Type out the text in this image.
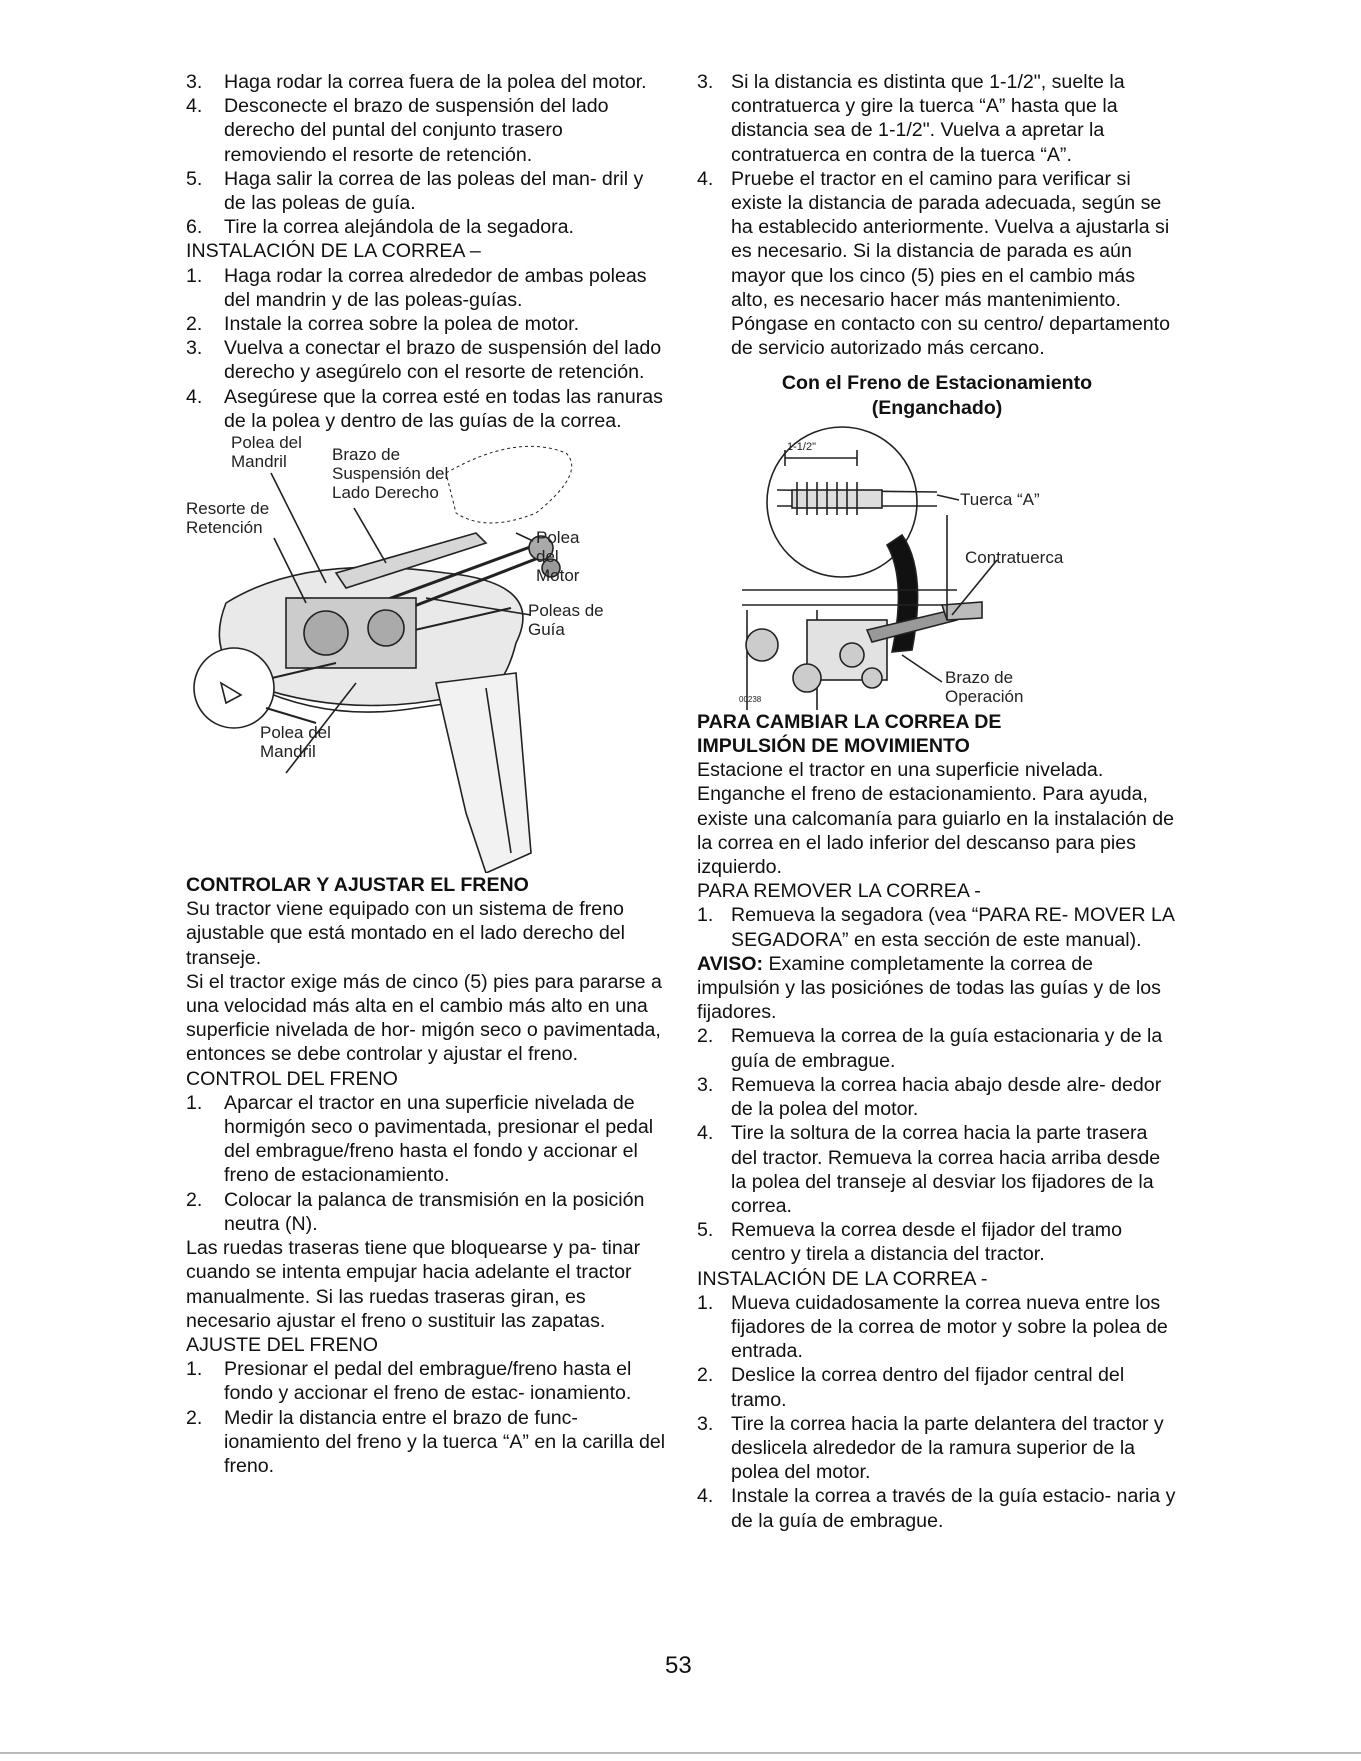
3. Haga rodar la correa fuera de la polea del motor.
4. Desconecte el brazo de suspensión del lado derecho del puntal del conjunto trasero removiendo el resorte de retención.
5. Haga salir la correa de las poleas del man- dril y de las poleas de guía.
6. Tire la correa alejándola de la segadora.

INSTALACIÓN DE LA CORREA –

1. Haga rodar la correa alrededor de ambas poleas del mandrin y de las poleas-guías.
2. Instale la correa sobre la polea de motor.
3. Vuelva a conectar el brazo de suspensión del lado derecho y asegúrelo con el resorte de retención.
4. Asegúrese que la correa esté en todas las ranuras de la polea y dentro de las guías de la correa.
Polea del
Mandril	Brazo de
Suspensión del
Lado Derecho
Resorte de
Retención
Polea
del
Motor
Poleas de
Guía
Polea del
Mandril

CONTROLAR Y AJUSTAR EL FRENO

Su tractor viene equipado con un sistema de freno ajustable que está montado en el lado derecho del transeje.

Si el tractor exige más de cinco (5) pies para pararse a una velocidad más alta en el cambio más alto en una superficie nivelada de hor- migón seco o pavimentada, entonces se debe controlar y ajustar el freno.

CONTROL DEL FRENO

1. Aparcar el tractor en una superficie nivelada de hormigón seco o pavimentada, presionar el pedal del embrague/freno hasta el fondo y accionar el freno de estacionamiento.
2. Colocar la palanca de transmisión en la posición neutra (N).

Las ruedas traseras tiene que bloquearse y pa- tinar cuando se intenta empujar hacia adelante el tractor manualmente. Si las ruedas traseras giran, es necesario ajustar el freno o sustituir las zapatas.

AJUSTE DEL FRENO

1. Presionar el pedal del embrague/freno hasta el fondo y accionar el freno de estac- ionamiento.
2. Medir la distancia entre el brazo de func- ionamiento del freno y la tuerca “A” en la carilla del freno.
3. Si la distancia es distinta que 1-1/2", suelte la contratuerca y gire la tuerca “A” hasta que la distancia sea de 1-1/2". Vuelva a apretar la contratuerca en contra de la tuerca “A”.
4. Pruebe el tractor en el camino para verificar si existe la distancia de parada adecuada, según se ha establecido anteriormente. Vuelva a ajustarla si es necesario. Si la distancia de parada es aún mayor que los cinco (5) pies en el cambio más alto, es necesario hacer más mantenimiento. Póngase en contacto con su centro/ departamento de servicio autorizado más cercano.

Con el Freno de Estacionamiento

(Enganchado)

1-1/2"
Tuerca “A”
Contratuerca
Brazo de
Operación
00238

PARA CAMBIAR LA CORREA DE

IMPULSIÓN DE MOVIMIENTO

Estacione el tractor en una superficie nivelada. Enganche el freno de estacionamiento. Para ayuda, existe una calcomanía para guiarlo en la instalación de la correa en el lado inferior del descanso para pies izquierdo.

PARA REMOVER LA CORREA -

1. Remueva la segadora (vea “PARA RE- MOVER LA SEGADORA” en esta sección de este manual).

AVISO: Examine completamente la correa de impulsión y las posiciónes de todas las guías y de los fijadores.

2. Remueva la correa de la guía estacionaria y de la guía de embrague.
3. Remueva la correa hacia abajo desde alre- dedor de la polea del motor.
4. Tire la soltura de la correa hacia la parte trasera del tractor. Remueva la correa hacia arriba desde la polea del transeje al desviar los fijadores de la correa.
5. Remueva la correa desde el fijador del tramo centro y tirela a distancia del tractor.

INSTALACIÓN DE LA CORREA -

1. Mueva cuidadosamente la correa nueva entre los fijadores de la correa de motor y sobre la polea de entrada.
2. Deslice la correa dentro del fijador central del tramo.
3. Tire la correa hacia la parte delantera del tractor y deslicela alrededor de la ramura superior de la polea del motor.
4. Instale la correa a través de la guía estacio- naria y de la guía de embrague.
53
